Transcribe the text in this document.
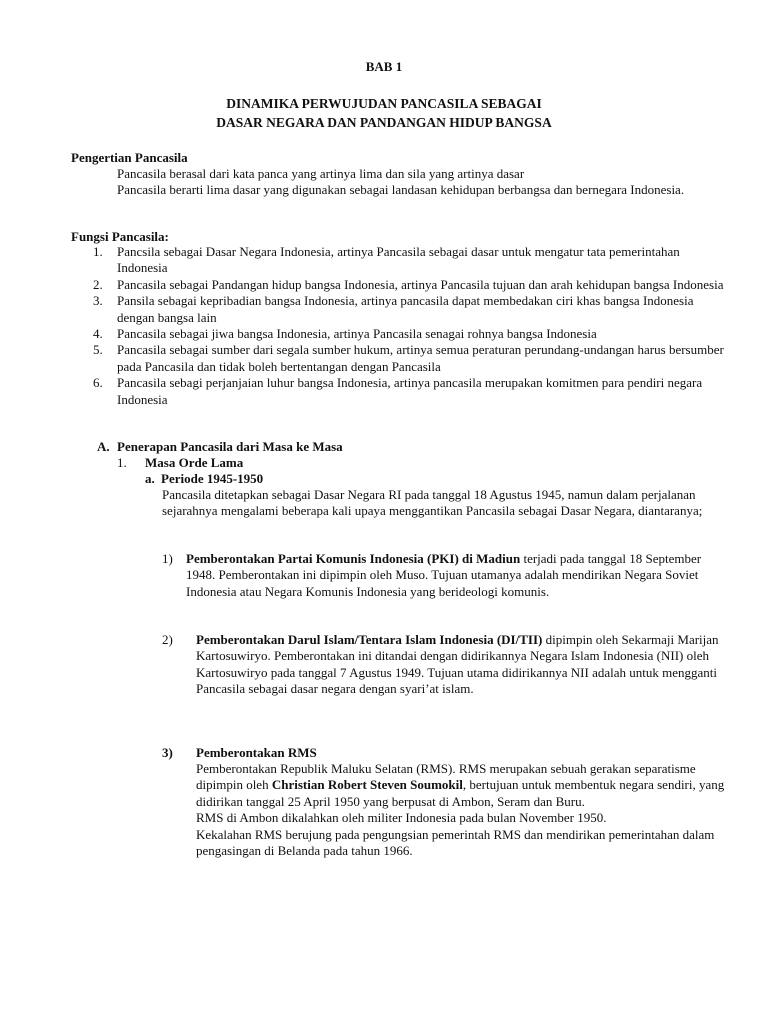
BAB 1
DINAMIKA PERWUJUDAN PANCASILA SEBAGAI
DASAR NEGARA DAN PANDANGAN HIDUP BANGSA
Pengertian Pancasila

Pancasila berasal dari kata panca yang artinya lima dan sila yang artinya dasar

Pancasila berarti lima dasar yang digunakan sebagai landasan kehidupan berbangsa dan bernegara Indonesia.

Fungsi Pancasila:
1. Pancsila sebagai Dasar Negara Indonesia, artinya Pancasila sebagai dasar untuk mengatur tata pemerintahan Indonesia
2. Pancasila sebagai Pandangan hidup bangsa Indonesia, artinya Pancasila tujuan dan arah kehidupan bangsa Indonesia
3. Pansila sebagai kepribadian bangsa Indonesia, artinya pancasila dapat membedakan ciri khas bangsa Indonesia dengan bangsa lain
4. Pancasila sebagai jiwa bangsa Indonesia, artinya Pancasila senagai rohnya bangsa Indonesia
5. Pancasila sebagai sumber dari segala sumber hukum, artinya semua peraturan perundang-undangan harus bersumber pada Pancasila dan tidak boleh bertentangan dengan Pancasila
6. Pancasila sebagi perjanjaian luhur bangsa Indonesia, artinya pancasila merupakan komitmen para pendiri negara Indonesia
A. Penerapan Pancasila dari Masa ke Masa
1. Masa Orde Lama
a. Periode 1945-1950
Pancasila ditetapkan sebagai Dasar Negara RI pada tanggal 18 Agustus 1945, namun dalam perjalanan sejarahnya mengalami beberapa kali upaya menggantikan Pancasila sebagai Dasar Negara, diantaranya;
1) Pemberontakan Partai Komunis Indonesia (PKI) di Madiun terjadi pada tanggal 18 September 1948. Pemberontakan ini dipimpin oleh Muso. Tujuan utamanya adalah mendirikan Negara Soviet Indonesia atau Negara Komunis Indonesia yang berideologi komunis.
2) Pemberontakan Darul Islam/Tentara Islam Indonesia (DI/TII) dipimpin oleh Sekarmaji Marijan Kartosuwiryo. Pemberontakan ini ditandai dengan didirikannya Negara Islam Indonesia (NII) oleh Kartosuwiryo pada tanggal 7 Agustus 1949. Tujuan utama didirikannya NII adalah untuk mengganti Pancasila sebagai dasar negara dengan syari’at islam.
3) Pemberontakan RMS

Pemberontakan Republik Maluku Selatan (RMS). RMS merupakan sebuah gerakan separatisme dipimpin oleh Christian Robert Steven Soumokil, bertujuan untuk membentuk negara sendiri, yang didirikan tanggal 25 April 1950 yang berpusat di Ambon, Seram dan Buru.

RMS di Ambon dikalahkan oleh militer Indonesia pada bulan November 1950.

Kekalahan RMS berujung pada pengungsian pemerintah RMS dan mendirikan pemerintahan dalam pengasingan di Belanda pada tahun 1966.
